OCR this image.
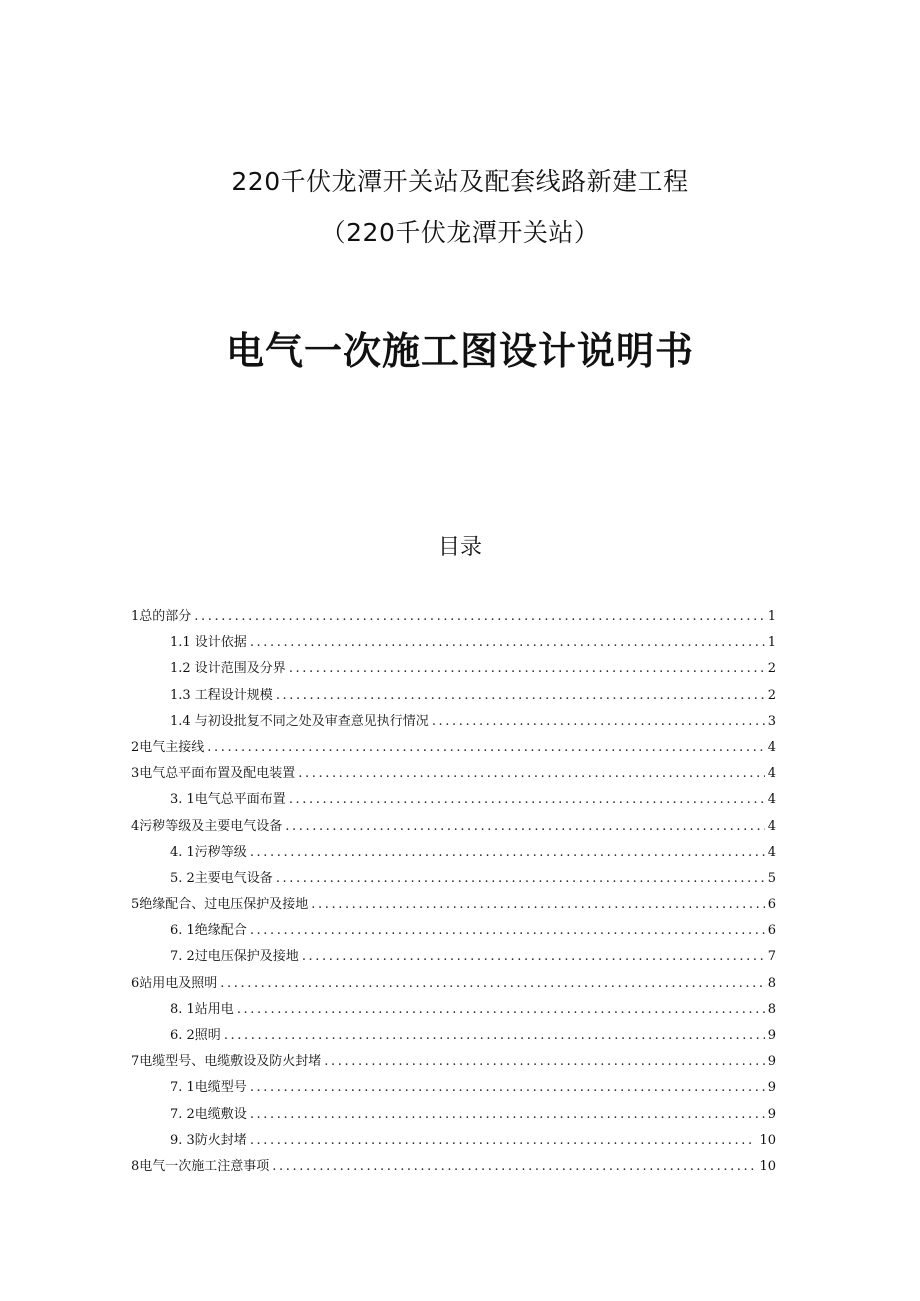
220千伏龙潭开关站及配套线路新建工程
（220千伏龙潭开关站）
电气一次施工图设计说明书
目录
1总的部分 .....	1
1.1 设计依据 .....	1
1.2 设计范围及分界 .....	2
1.3 工程设计规模 .....	2
1.4 与初设批复不同之处及审查意见执行情况 .....	3
2电气主接线 .....	4
3电气总平面布置及配电装置 .....	4
3. 1电气总平面布置 .....	4
4污秽等级及主要电气设备 .....	4
4. 1污秽等级 .....	4
5. 2主要电气设备 .....	5
5绝缘配合、过电压保护及接地 .....	6
6. 1绝缘配合 .....	6
7. 2过电压保护及接地 .....	7
6站用电及照明 .....	8
8. 1站用电 .....	8
6. 2照明 .....	9
7电缆型号、电缆敷设及防火封堵 .....	9
7. 1电缆型号 .....	9
7. 2电缆敷设 .....	9
9. 3防火封堵 .....	10
8电气一次施工注意事项 .....	10
